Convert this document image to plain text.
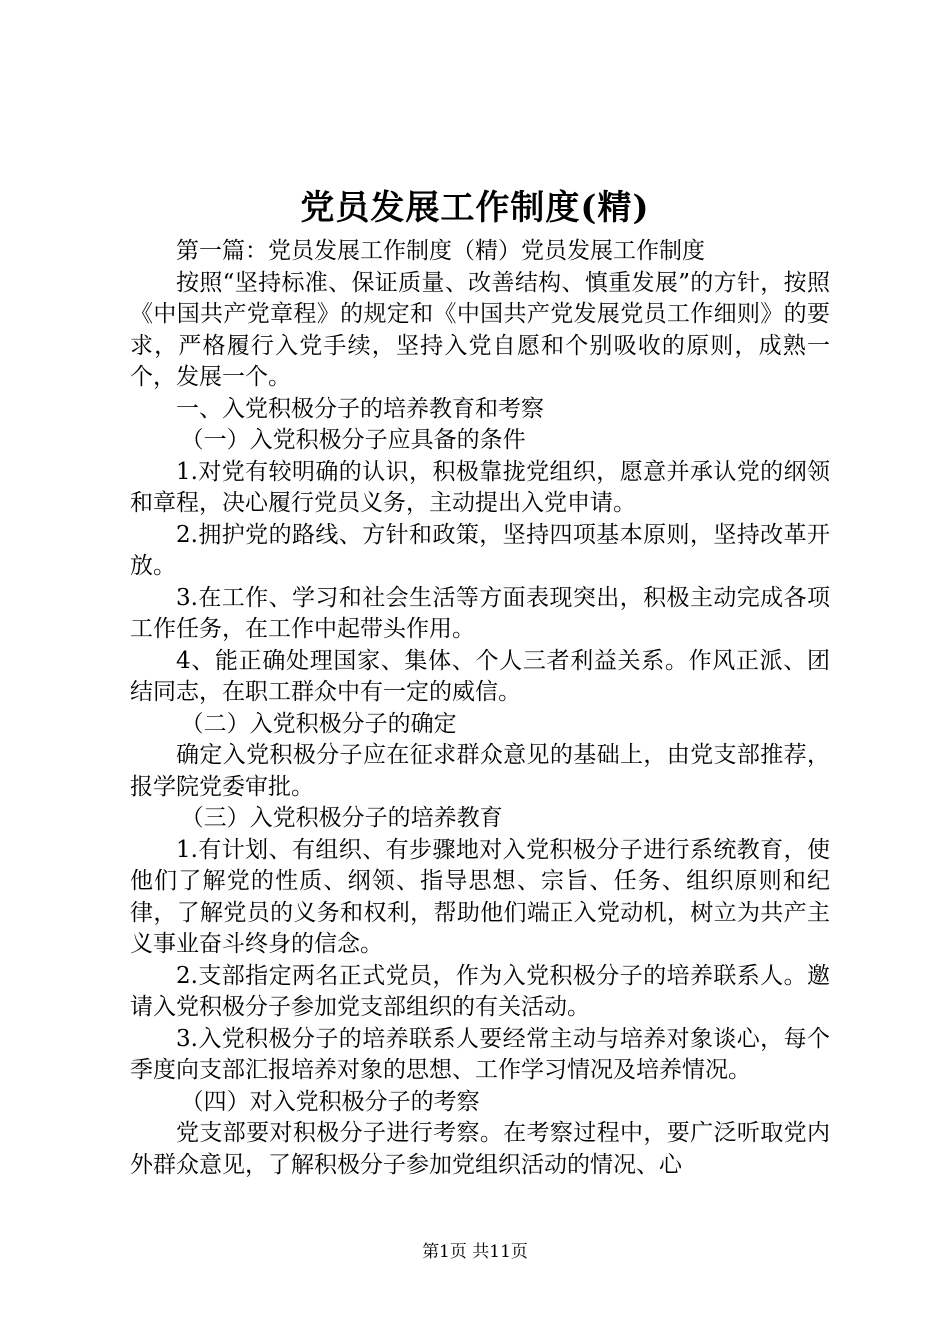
党员发展工作制度(精)

第一篇：党员发展工作制度（精）党员发展工作制度

按照“坚持标准、保证质量、改善结构、慎重发展”的方针，按照《中国共产党章程》的规定和《中国共产党发展党员工作细则》的要求，严格履行入党手续，坚持入党自愿和个别吸收的原则，成熟一个，发展一个。

一、入党积极分子的培养教育和考察

（一）入党积极分子应具备的条件

1.对党有较明确的认识，积极靠拢党组织，愿意并承认党的纲领和章程，决心履行党员义务，主动提出入党申请。

2.拥护党的路线、方针和政策，坚持四项基本原则，坚持改革开放。

3.在工作、学习和社会生活等方面表现突出，积极主动完成各项工作任务，在工作中起带头作用。

4、能正确处理国家、集体、个人三者利益关系。作风正派、团结同志，在职工群众中有一定的威信。

（二）入党积极分子的确定

确定入党积极分子应在征求群众意见的基础上，由党支部推荐，报学院党委审批。

（三）入党积极分子的培养教育

1.有计划、有组织、有步骤地对入党积极分子进行系统教育，使他们了解党的性质、纲领、指导思想、宗旨、任务、组织原则和纪律，了解党员的义务和权利，帮助他们端正入党动机，树立为共产主义事业奋斗终身的信念。

2.支部指定两名正式党员，作为入党积极分子的培养联系人。邀请入党积极分子参加党支部组织的有关活动。

3.入党积极分子的培养联系人要经常主动与培养对象谈心，每个季度向支部汇报培养对象的思想、工作学习情况及培养情况。

（四）对入党积极分子的考察

党支部要对积极分子进行考察。在考察过程中，要广泛听取党内外群众意见，了解积极分子参加党组织活动的情况、心

第1页 共11页
